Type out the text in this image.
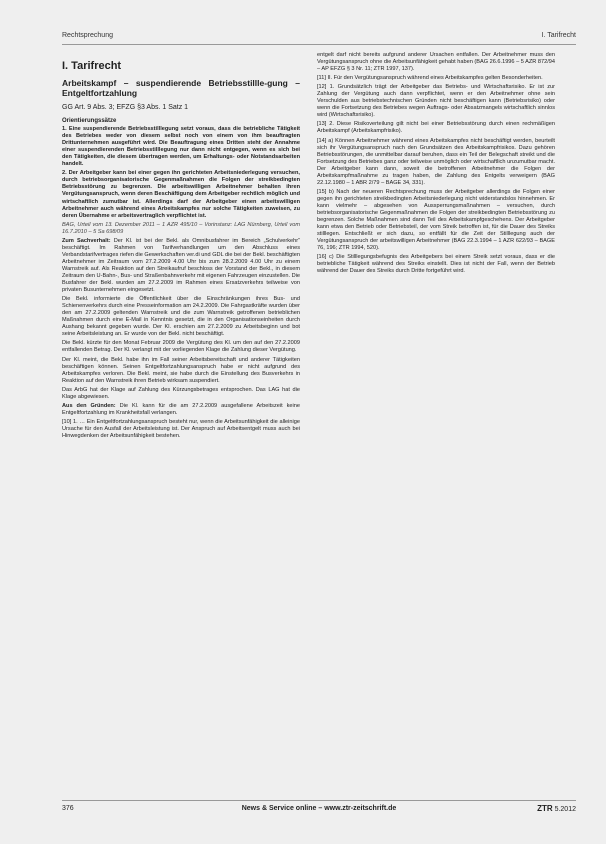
Rechtsprechung	I. Tarifrecht
I. Tarifrecht
Arbeitskampf – suspendierende Betriebsstillle-gung – Entgeltfortzahlung
GG Art. 9 Abs. 3; EFZG §3 Abs. 1 Satz 1
Orientierungssätze

1. Eine suspendierende Betriebsstilllegung setzt voraus, dass die betriebliche Tätigkeit des Betriebes weder von diesem selbst noch von einem von ihm beauftragten Drittunternehmen ausgeführt wird. Die Beauftragung eines Dritten steht der Annahme einer suspendierenden Betriebsstilllegung nur dann nicht entgegen, wenn es sich bei den Tätigkeiten, die diesem übertragen werden, um Erhaltungs- oder Notstandsarbeiten handelt.

2. Der Arbeitgeber kann bei einer gegen ihn gerichteten Arbeitsniederlegung versuchen, durch betriebsorganisatorische Gegenmaßnahmen die Folgen der streikbedingten Betriebsstörung zu begrenzen. Die arbeitswilligen Arbeitnehmer behalten ihren Vergütungsanspruch, wenn deren Beschäftigung dem Arbeitgeber rechtlich möglich und wirtschaftlich zumutbar ist. Allerdings darf der Arbeitgeber einen arbeitswilligen Arbeitnehmer auch während eines Arbeitskampfes nur solche Tätigkeiten zuweisen, zu deren Übernahme er arbeitsvertraglich verpflichtet ist.

BAG, Urteil vom 13. Dezember 2011 – 1 AZR 495/10 – Vorinstanz: LAG Nürnberg, Urteil vom 16.7.2010 – 5 Sa 698/09

Zum Sachverhalt: Der Kl. ist bei der Bekl. als Omnibusfahrer im Bereich „Schulverkehr“ beschäftigt. Im Rahmen von Tarifverhandlungen um den Abschluss eines Verbandstarifvertrages riefen die Gewerkschaften ver.di und GDL die bei der Bekl. beschäftigten Arbeitnehmer im Zeitraum vom 27.2.2009 4.00 Uhr bis zum 28.2.2009 4.00 Uhr zu einem Warnstreik auf. Als Reaktion auf den Streikaufruf beschloss der Vorstand der Bekl., in diesem Zeitraum den U-Bahn-, Bus- und Straßenbahnverkehr mit eigenen Fahrzeugen einzustellen. Die Busfahrer der Bekl. wurden am 27.2.2009 im Rahmen eines Ersatzverkehrs teilweise von privaten Busunternehmen eingesetzt.

Die Bekl. informierte die Öffentlichkeit über die Einschränkungen ihres Bus- und Schienenverkehrs durch eine Presseinformation am 24.2.2009. Die Fahrgastkräfte wurden über den am 27.2.2009 geltenden Warnstreik und die zum Warnstreik getroffenen betrieblichen Maßnahmen durch eine E-Mail in Kenntnis gesetzt, die in den Organisationseinheiten durch Aushang bekannt gegeben wurde. Der Kl. erschien am 27.2.2009 zu Arbeitsbeginn und bot seine Arbeitsleistung an. Er wurde von der Bekl. nicht beschäftigt.

Die Bekl. kürzte für den Monat Februar 2009 die Vergütung des Kl. um den auf den 27.2.2009 entfallenden Betrag. Der Kl. verlangt mit der vorliegenden Klage die Zahlung dieser Vergütung.

Der Kl. meint, die Bekl. habe ihn im Fall seiner Arbeitsbereitschaft und anderer Tätigkeiten beschäftigen können. Seinen Entgeltfortzahlungsanspruch habe er nicht aufgrund des Arbeitskampfes verloren. Die Bekl. meint, sie habe durch die Einstellung des Busverkehrs in Reaktion auf den Warnstreik ihren Betrieb wirksam suspendiert.

Das ArbG hat der Klage auf Zahlung des Kürzungsbetrages entsprochen. Das LAG hat die Klage abgewiesen.

Aus den Gründen: Die Kl. kann für die am 27.2.2009 ausgefallene Arbeitszeit keine Entgeltfortzahlung im Krankheitsfall verlangen.

[10] 1. … Ein Entgeltfortzahlungsanspruch besteht nur, wenn die Arbeitsunfähigkeit die alleinige Ursache für den Ausfall der Arbeitsleistung ist. Der Anspruch auf Arbeitsentgelt muss auch bei Hinwegdenken der Arbeitsunfähigkeit bestehen.

entgelt darf nicht bereits aufgrund anderer Ursachen entfallen. Der Arbeitnehmer muss den Vergütungsanspruch ohne die Arbeitsunfähigkeit gehabt haben (BAG 26.6.1996 – 5 AZR 872/94 – AP EFZG § 3 Nr. 11; ZTR 1997, 137).

[11] II. Für den Vergütungsanspruch während eines Arbeitskampfes gelten Besonderheiten.

[12] 1. Grundsätzlich trägt der Arbeitgeber das Betriebs- und Wirtschaftsrisiko. Er ist zur Zahlung der Vergütung auch dann verpflichtet, wenn er den Arbeitnehmer ohne sein Verschulden aus betriebstechnischen Gründen nicht beschäftigen kann (Betriebsrisiko) oder wenn die Fortsetzung des Betriebes wegen Auftrags- oder Absatzmangels wirtschaftlich sinnlos wird (Wirtschaftsrisiko).

[13] 2. Diese Risikoverteilung gilt nicht bei einer Betriebsstörung durch einen rechmäßigen Arbeitskampf (Arbeitskampfrisiko).

[14] a) Können Arbeitnehmer während eines Arbeitskampfes nicht beschäftigt werden, beurteilt sich ihr Vergütungsanspruch nach den Grundsätzen des Arbeitskampfrisikos. Dazu gehören Betriebsstörungen, die unmittelbar darauf beruhen, dass ein Teil der Belegschaft streikt und die Fortsetzung des Betriebes ganz oder teilweise unmöglich oder wirtschaftlich unzumutbar macht. Der Arbeitgeber kann dann, soweit die betroffenen Arbeitnehmer die Folgen der Arbeitskampfmaßnahme zu tragen haben, die Zahlung des Entgelts verweigern (BAG 22.12.1980 – 1 ABR 2/79 – BAGE 34, 331).

[15] b) Nach der neueren Rechtsprechung muss der Arbeitgeber allerdings die Folgen einer gegen ihn gerichteten streikbedingten Arbeitsniederlegung nicht widerstandslos hinnehmen. Er kann vielmehr – abgesehen von Aussperrungsmaßnahmen – versuchen, durch betriebsorganisatorische Gegenmaßnahmen die Folgen der streikbedingten Betriebsstörung zu begrenzen. Solche Maßnahmen sind dann Teil des Arbeitskampfgeschehens. Der Arbeitgeber kann etwa den Betrieb oder Betriebsteil, der vom Streik betroffen ist, für die Dauer des Streiks stilllegen. Entschließt er sich dazu, so entfällt für die Zeit der Stilllegung auch der Vergütungsanspruch der arbeitswilligen Arbeitnehmer (BAG 22.3.1994 – 1 AZR 622/93 – BAGE 76, 196; ZTR 1994, 520).

[16] c) Die Stilllegungsbefugnis des Arbeitgebers bei einem Streik setzt voraus, dass er die betriebliche Tätigkeit während des Streiks einstellt. Dies ist nicht der Fall, wenn der Betrieb während der Dauer des Streiks durch Dritte fortgeführt wird.

376	News & Service online – www.ztr-zeitschrift.de	ZTR 5.2012
